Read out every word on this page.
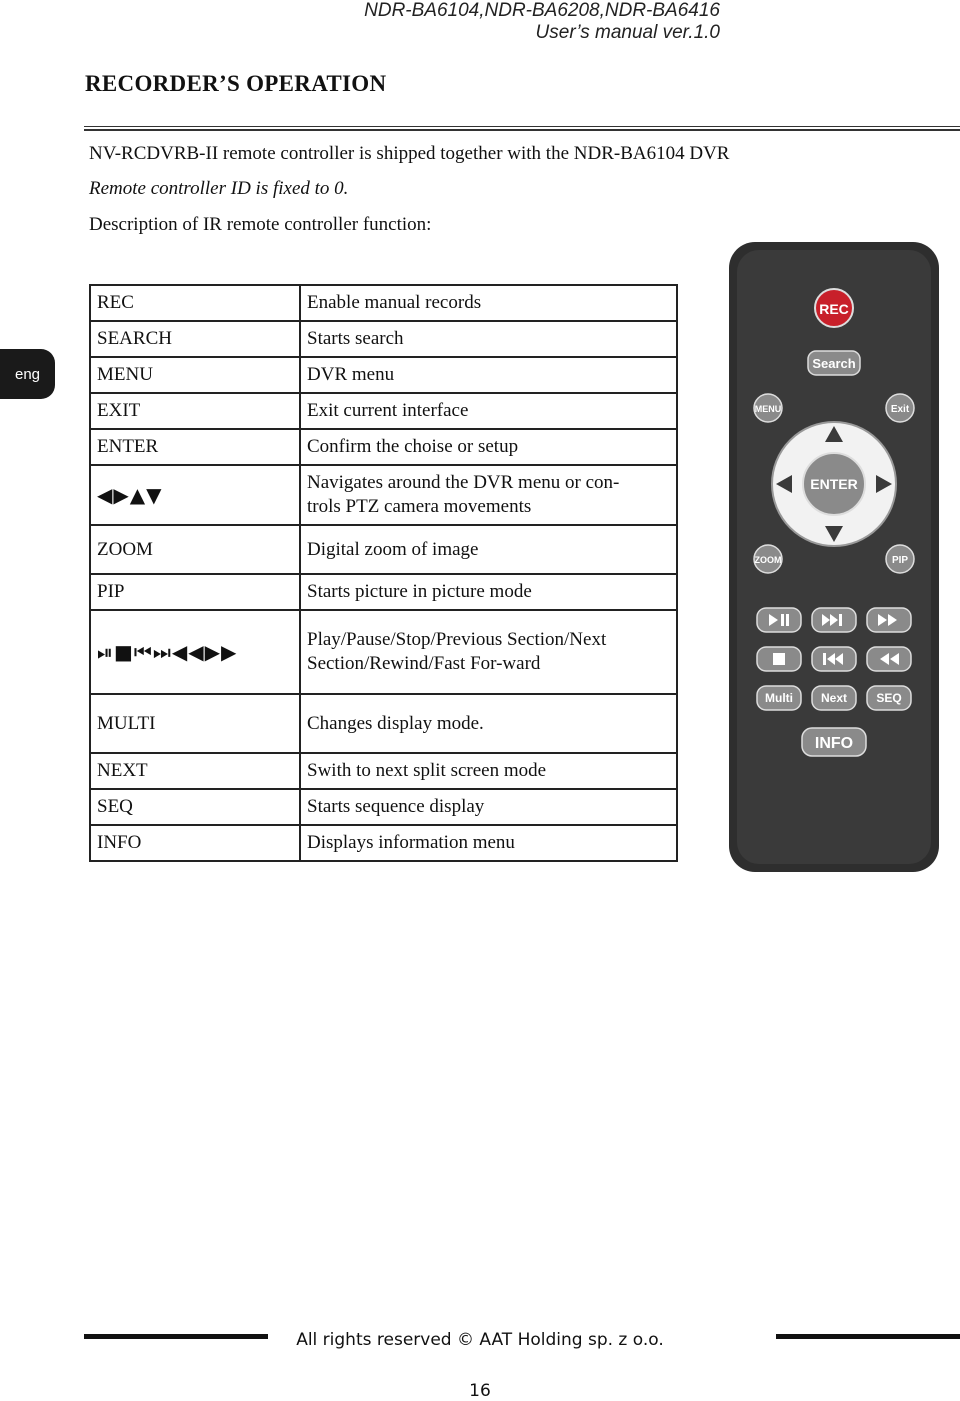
NDR-BA6104,NDR-BA6208,NDR-BA6416
User’s manual ver.1.0
RECORDER’S OPERATION
NV-RCDVRB-II remote controller is shipped together with the NDR-BA6104 DVR
Remote controller ID is fixed to 0.
Description of IR remote controller function:
eng
REC	Enable manual records
SEARCH	Starts search
MENU	DVR menu
EXIT	Exit current interface
ENTER	Confirm the choise or setup
◀▶▲▼	Navigates around the DVR menu or con-trols PTZ camera movements
ZOOM	Digital zoom of image
PIP	Starts picture in picture mode
⏯■⏮⏭◀◀▶▶	Play/Pause/Stop/Previous Section/Next Section/Rewind/Fast For-ward
MULTI	Changes display mode.
NEXT	Swith to next split screen mode
SEQ	Starts sequence display
INFO	Displays information menu
REC
Search
MENU	Exit
ENTER
ZOOM	PIP
Multi Next SEQ
INFO
All rights reserved © AAT Holding sp. z o.o.
16
